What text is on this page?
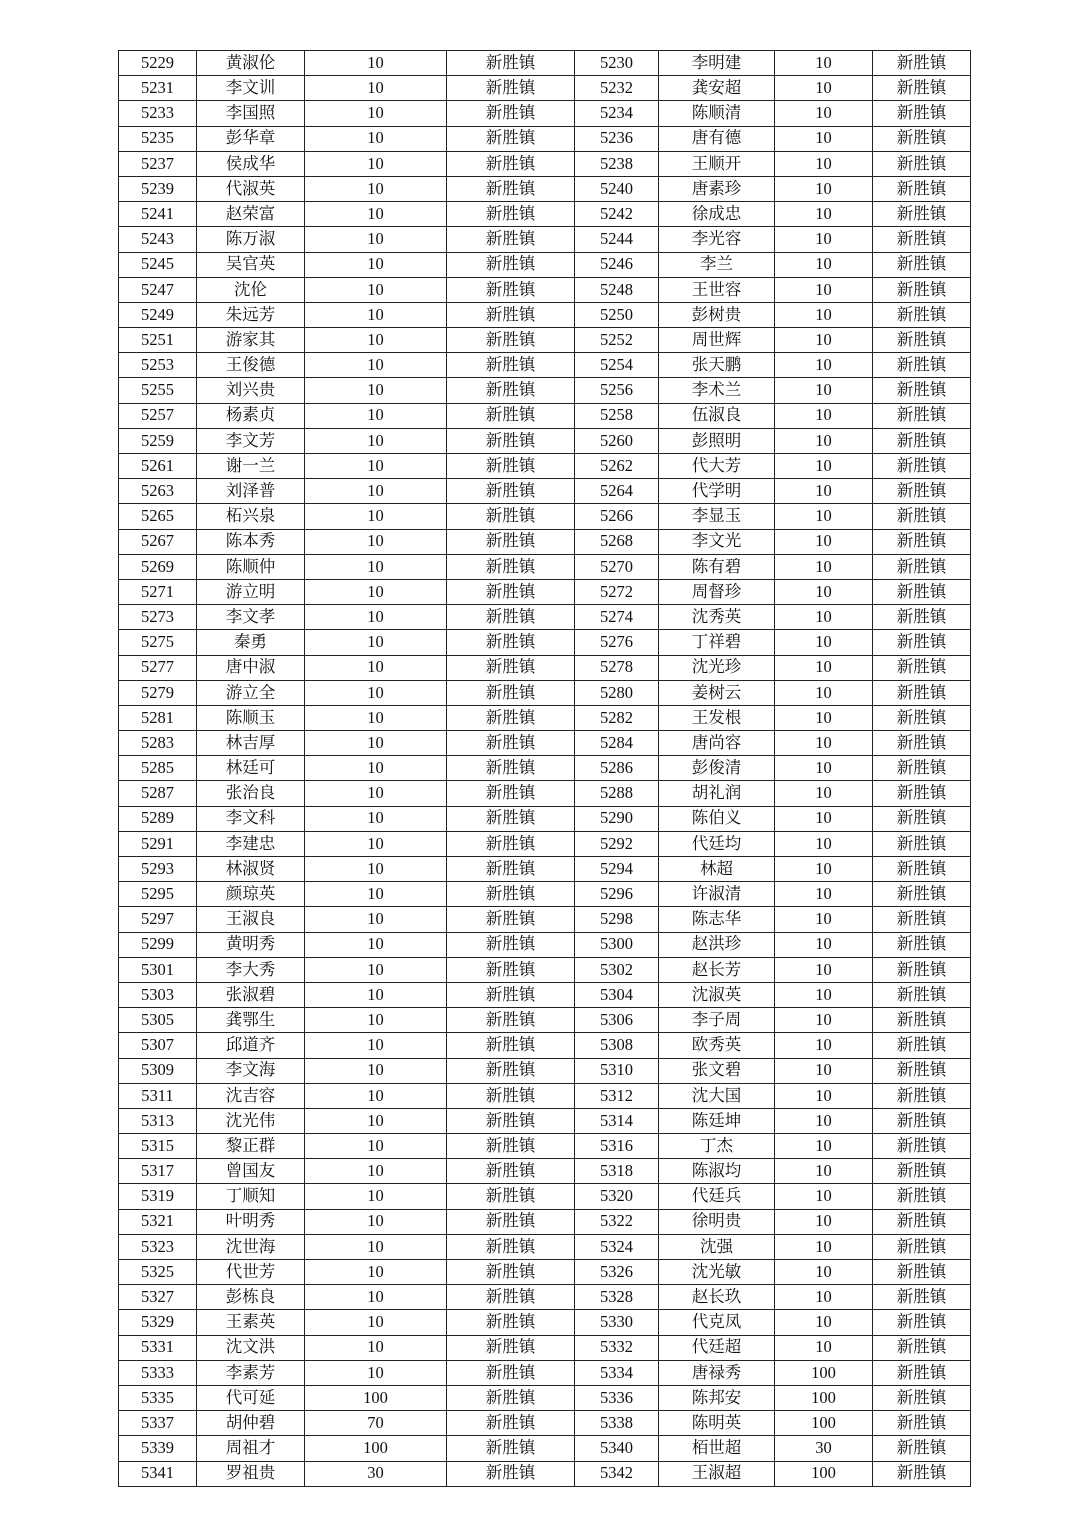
5229	黄淑伦	10	新胜镇	5230	李明建	10	新胜镇
5231	李文训	10	新胜镇	5232	龚安超	10	新胜镇
5233	李国照	10	新胜镇	5234	陈顺清	10	新胜镇
5235	彭华章	10	新胜镇	5236	唐有德	10	新胜镇
5237	侯成华	10	新胜镇	5238	王顺开	10	新胜镇
5239	代淑英	10	新胜镇	5240	唐素珍	10	新胜镇
5241	赵荣富	10	新胜镇	5242	徐成忠	10	新胜镇
5243	陈万淑	10	新胜镇	5244	李光容	10	新胜镇
5245	吴官英	10	新胜镇	5246	李兰	10	新胜镇
5247	沈伦	10	新胜镇	5248	王世容	10	新胜镇
5249	朱远芳	10	新胜镇	5250	彭树贵	10	新胜镇
5251	游家其	10	新胜镇	5252	周世辉	10	新胜镇
5253	王俊德	10	新胜镇	5254	张天鹏	10	新胜镇
5255	刘兴贵	10	新胜镇	5256	李术兰	10	新胜镇
5257	杨素贞	10	新胜镇	5258	伍淑良	10	新胜镇
5259	李文芳	10	新胜镇	5260	彭照明	10	新胜镇
5261	谢一兰	10	新胜镇	5262	代大芳	10	新胜镇
5263	刘泽普	10	新胜镇	5264	代学明	10	新胜镇
5265	柘兴泉	10	新胜镇	5266	李显玉	10	新胜镇
5267	陈本秀	10	新胜镇	5268	李文光	10	新胜镇
5269	陈顺仲	10	新胜镇	5270	陈有碧	10	新胜镇
5271	游立明	10	新胜镇	5272	周督珍	10	新胜镇
5273	李文孝	10	新胜镇	5274	沈秀英	10	新胜镇
5275	秦勇	10	新胜镇	5276	丁祥碧	10	新胜镇
5277	唐中淑	10	新胜镇	5278	沈光珍	10	新胜镇
5279	游立全	10	新胜镇	5280	姜树云	10	新胜镇
5281	陈顺玉	10	新胜镇	5282	王发根	10	新胜镇
5283	林吉厚	10	新胜镇	5284	唐尚容	10	新胜镇
5285	林廷可	10	新胜镇	5286	彭俊清	10	新胜镇
5287	张治良	10	新胜镇	5288	胡礼润	10	新胜镇
5289	李文科	10	新胜镇	5290	陈伯义	10	新胜镇
5291	李建忠	10	新胜镇	5292	代廷均	10	新胜镇
5293	林淑贤	10	新胜镇	5294	林超	10	新胜镇
5295	颜琼英	10	新胜镇	5296	许淑清	10	新胜镇
5297	王淑良	10	新胜镇	5298	陈志华	10	新胜镇
5299	黄明秀	10	新胜镇	5300	赵洪珍	10	新胜镇
5301	李大秀	10	新胜镇	5302	赵长芳	10	新胜镇
5303	张淑碧	10	新胜镇	5304	沈淑英	10	新胜镇
5305	龚鄂生	10	新胜镇	5306	李子周	10	新胜镇
5307	邱道齐	10	新胜镇	5308	欧秀英	10	新胜镇
5309	李文海	10	新胜镇	5310	张文碧	10	新胜镇
5311	沈吉容	10	新胜镇	5312	沈大国	10	新胜镇
5313	沈光伟	10	新胜镇	5314	陈廷坤	10	新胜镇
5315	黎正群	10	新胜镇	5316	丁杰	10	新胜镇
5317	曾国友	10	新胜镇	5318	陈淑均	10	新胜镇
5319	丁顺知	10	新胜镇	5320	代廷兵	10	新胜镇
5321	叶明秀	10	新胜镇	5322	徐明贵	10	新胜镇
5323	沈世海	10	新胜镇	5324	沈强	10	新胜镇
5325	代世芳	10	新胜镇	5326	沈光敏	10	新胜镇
5327	彭栋良	10	新胜镇	5328	赵长玖	10	新胜镇
5329	王素英	10	新胜镇	5330	代克凤	10	新胜镇
5331	沈文洪	10	新胜镇	5332	代廷超	10	新胜镇
5333	李素芳	10	新胜镇	5334	唐禄秀	100	新胜镇
5335	代可延	100	新胜镇	5336	陈邦安	100	新胜镇
5337	胡仲碧	70	新胜镇	5338	陈明英	100	新胜镇
5339	周祖才	100	新胜镇	5340	栢世超	30	新胜镇
5341	罗祖贵	30	新胜镇	5342	王淑超	100	新胜镇
